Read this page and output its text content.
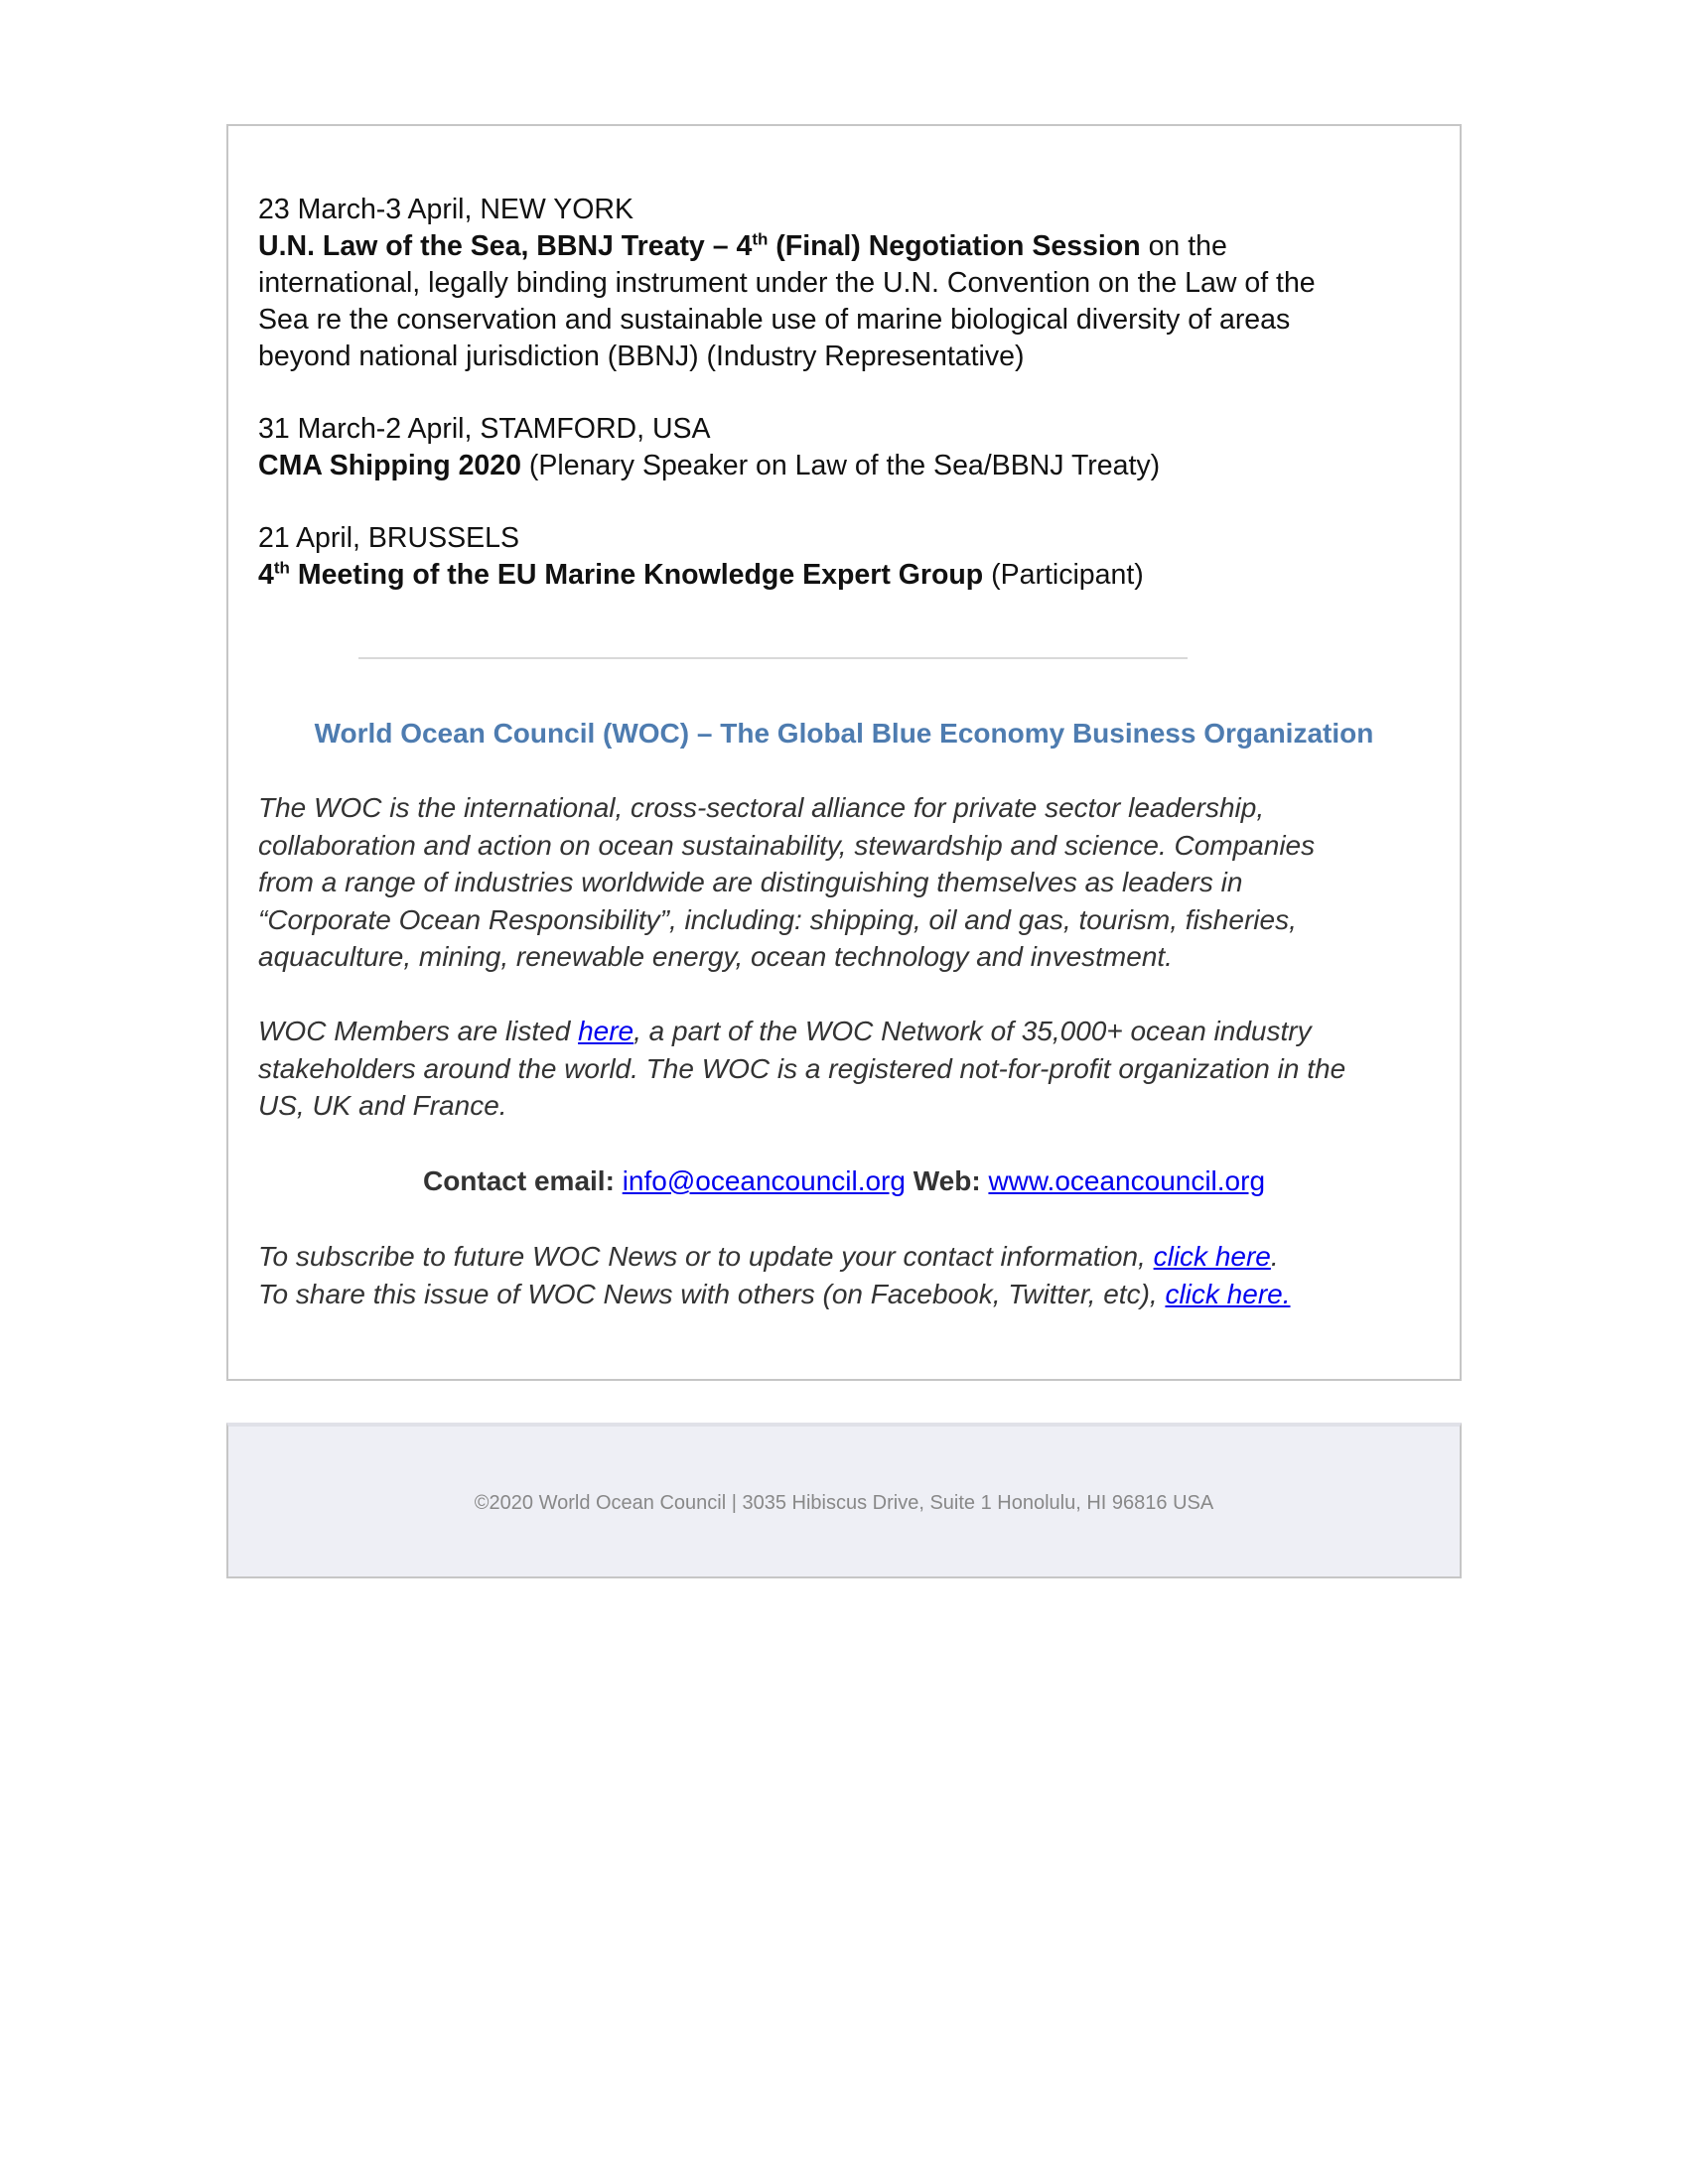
23 March-3 April, NEW YORK
U.N. Law of the Sea, BBNJ Treaty – 4th (Final) Negotiation Session on the international, legally binding instrument under the U.N. Convention on the Law of the Sea re the conservation and sustainable use of marine biological diversity of areas beyond national jurisdiction (BBNJ) (Industry Representative)

31 March-2 April, STAMFORD, USA
CMA Shipping 2020 (Plenary Speaker on Law of the Sea/BBNJ Treaty)

21 April, BRUSSELS
4th Meeting of the EU Marine Knowledge Expert Group (Participant)

World Ocean Council (WOC) – The Global Blue Economy Business Organization
The WOC is the international, cross-sectoral alliance for private sector leadership, collaboration and action on ocean sustainability, stewardship and science. Companies from a range of industries worldwide are distinguishing themselves as leaders in “Corporate Ocean Responsibility”, including: shipping, oil and gas, tourism, fisheries, aquaculture, mining, renewable energy, ocean technology and investment.
WOC Members are listed here, a part of the WOC Network of 35,000+ ocean industry stakeholders around the world. The WOC is a registered not-for-profit organization in the US, UK and France.
Contact email: info@oceancouncil.org Web: www.oceancouncil.org
To subscribe to future WOC News or to update your contact information, click here.
To share this issue of WOC News with others (on Facebook, Twitter, etc), click here.
©2020 World Ocean Council | 3035 Hibiscus Drive, Suite 1 Honolulu, HI 96816 USA
